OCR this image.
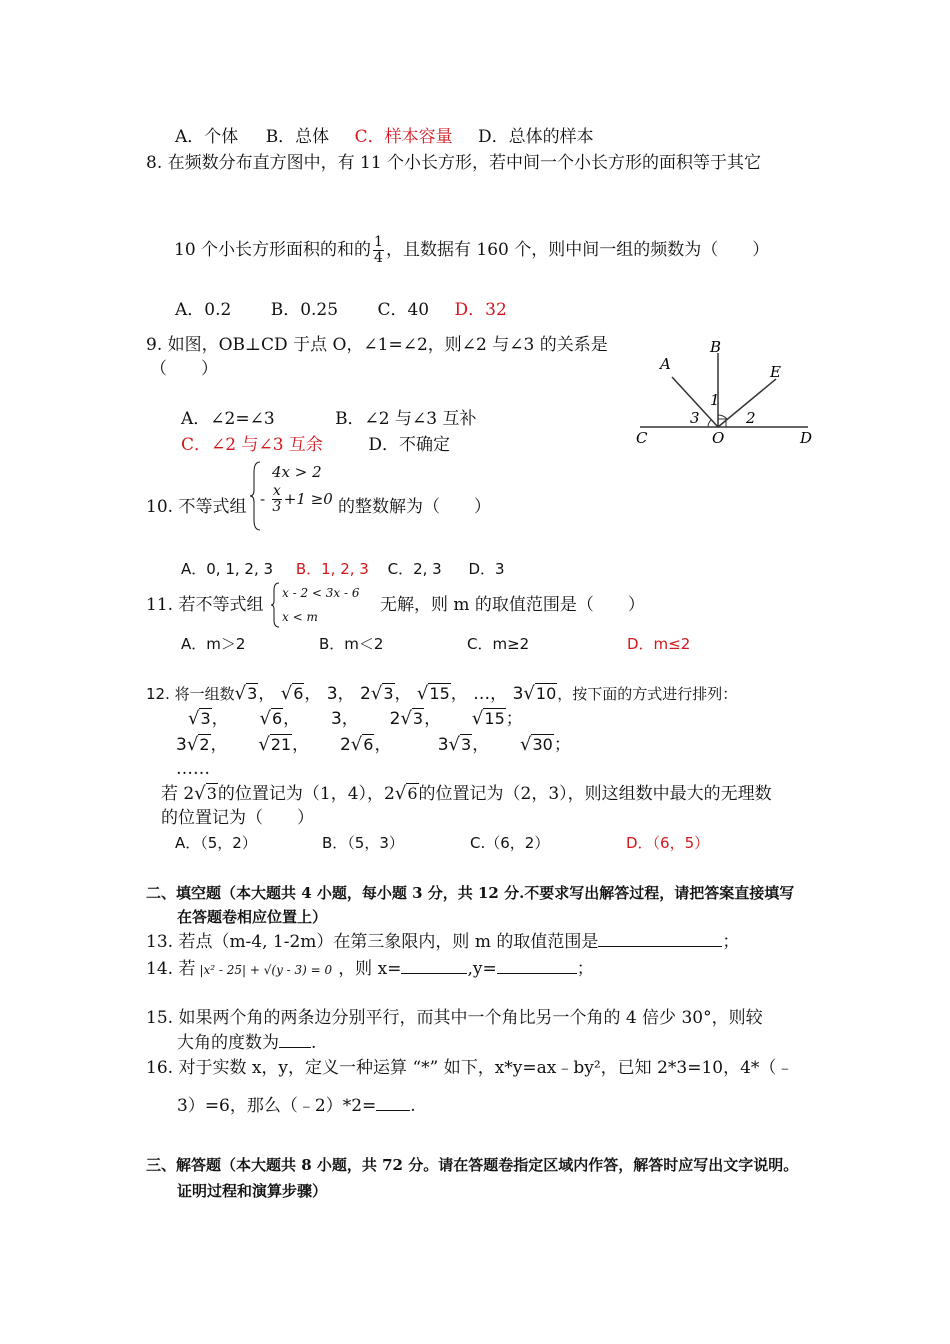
A．个体 B．总体 C．样本容量 D．总体的样本
8. 在频数分布直方图中，有 11 个小长方形，若中间一个小长方形的面积等于其它
10 个小长方形面积的和的 $\frac{1}{4}$ ，且数据有 160 个，则中间一组的频数为（　　）
A．0.2 B．0.25 C．40 D．32
9. 如图，OB⊥CD 于点 O，∠1=∠2，则∠2 与∠3 的关系是
（　　）
A．∠2=∠3	B．∠2 与∠3 互补
C．∠2 与∠3 互余	D．不确定
A
B
E
C	O	D
1
2
3
10. 不等式组
4x > 2
- $\frac{x}{3} +1 \ge 0$ 的整数解为（　　）
A．0, 1, 2, 3 B．1, 2, 3 C．2, 3 D．3
11. 若不等式组
x - 2 < 3x - 6
x < m
无解，则 m 的取值范围是（　　）
A．m＞2	B．m＜2	C．m≥2	D．m≤2
12. 将一组数√3， √6， 3， 2√3， √15， …， 3√10，按下面的方式进行排列：
√3，  √6，  3，  2√3，  √15；
3√2，  √21，  2√6，   3√3，  √30；
……
若 2√3的位置记为（1，4），2√6的位置记为（2，3），则这组数中最大的无理数
的位置记为（　　）
A．（5，2）	B．（5，3）	C.（6，2）	D．（6，5）
二、填空题（本大题共 4 小题，每小题 3 分，共 12 分.不要求写出解答过程，请把答案直接填写
在答题卷相应位置上）
13. 若点（m-4, 1-2m）在第三象限内，则 m 的取值范围是	；
14. 若 |x² - 25| + √(y - 3) = 0 ，则 x=	,y=	；
15. 如果两个角的两条边分别平行，而其中一个角比另一个角的 4 倍少 30°，则较
大角的度数为 .
16. 对于实数 x，y，定义一种运算 “*” 如下，x*y=ax﹣by²，已知 2*3=10，4*（﹣
3）=6，那么（﹣2）*2= .
三、解答题（本大题共 8 小题，共 72 分。请在答题卷指定区域内作答，解答时应写出文字说明。
证明过程和演算步骤）
